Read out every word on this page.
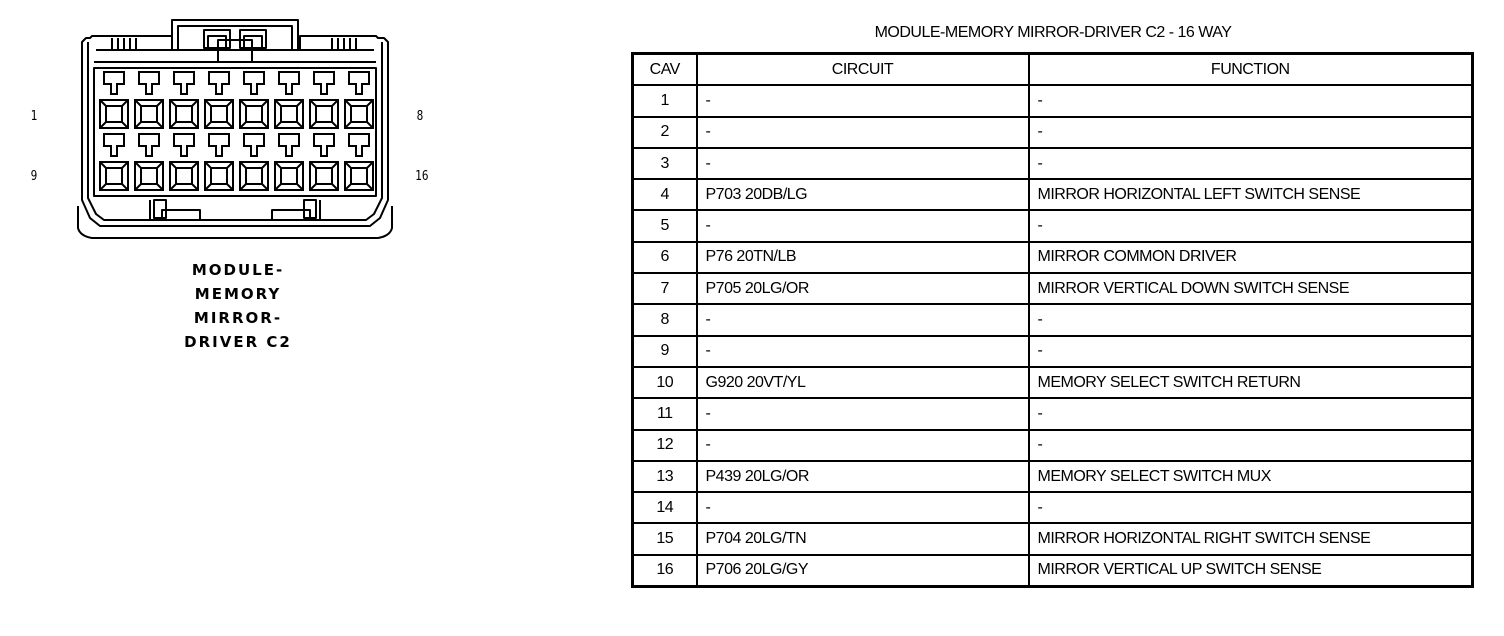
1	8
9	16
MODULE-
MEMORY
MIRROR-
DRIVER C2
MODULE-MEMORY MIRROR-DRIVER C2 - 16 WAY
CAV	CIRCUIT	FUNCTION
1	-	-
2	-	-
3	-	-
4	P703 20DB/LG	MIRROR HORIZONTAL LEFT SWITCH SENSE
5	-	-
6	P76 20TN/LB	MIRROR COMMON DRIVER
7	P705 20LG/OR	MIRROR VERTICAL DOWN SWITCH SENSE
8	-	-
9	-	-
10	G920 20VT/YL	MEMORY SELECT SWITCH RETURN
11	-	-
12	-	-
13	P439 20LG/OR	MEMORY SELECT SWITCH MUX
14	-	-
15	P704 20LG/TN	MIRROR HORIZONTAL RIGHT SWITCH SENSE
16	P706 20LG/GY	MIRROR VERTICAL UP SWITCH SENSE
